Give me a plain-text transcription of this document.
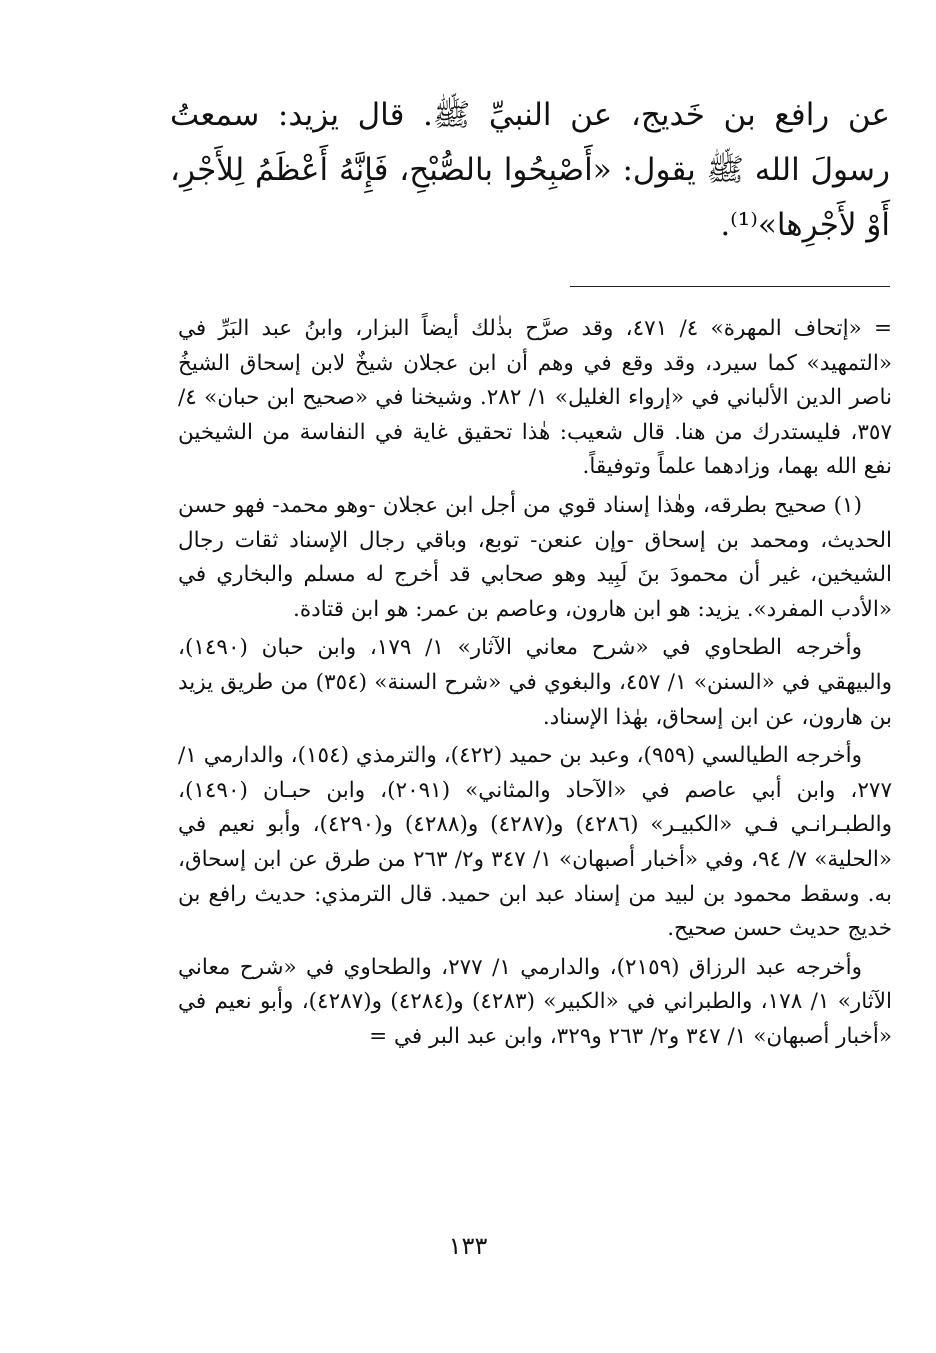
عن رافع بن خَديج، عن النبيِّ ﷺ. قال يزيد: سمعتُ رسولَ الله ﷺ يقول: «أَصْبِحُوا بالصُّبْحِ، فَإِنَّهُ أَعْظَمُ لِلأَجْرِ، أَوْ لأَجْرِها»⁽¹⁾.

= «إتحاف المهرة» ٤/ ٤٧١، وقد صرَّح بذٰلك أيضاً البزار، وابنُ عبد البَرِّ في «التمهيد» كما سيرد، وقد وقع في وهم أن ابن عجلان شيخٌ لابن إسحاق الشيخُ ناصر الدين الألباني في «إرواء الغليل» ١/ ٢٨٢. وشيخنا في «صحيح ابن حبان» ٤/ ٣٥٧، فليستدرك من هنا. قال شعيب: هٰذا تحقيق غاية في النفاسة من الشيخين نفع الله بهما، وزادهما علماً وتوفيقاً.

(١) صحيح بطرقه، وهٰذا إسناد قوي من أجل ابن عجلان -وهو محمد- فهو حسن الحديث، ومحمد بن إسحاق -وإن عنعن- توبع، وباقي رجال الإسناد ثقات رجال الشيخين، غير أن محمودَ بنَ لَبِيد وهو صحابي قد أخرج له مسلم والبخاري في «الأدب المفرد». يزيد: هو ابن هارون، وعاصم بن عمر: هو ابن قتادة.

وأخرجه الطحاوي في «شرح معاني الآثار» ١/ ١٧٩، وابن حبان (١٤٩٠)، والبيهقي في «السنن» ١/ ٤٥٧، والبغوي في «شرح السنة» (٣٥٤) من طريق يزيد بن هارون، عن ابن إسحاق، بهٰذا الإسناد.

وأخرجه الطيالسي (٩٥٩)، وعبد بن حميد (٤٢٢)، والترمذي (١٥٤)، والدارمي ١/ ٢٧٧، وابن أبي عاصم في «الآحاد والمثاني» (٢٠٩١)، وابن حبـان (١٤٩٠)، والطبـرانـي فـي «الكبيـر» (٤٢٨٦) و(٤٢٨٧) و(٤٢٨٨) و(٤٢٩٠)، وأبو نعيم في «الحلية» ٧/ ٩٤، وفي «أخبار أصبهان» ١/ ٣٤٧ و٢/ ٢٦٣ من طرق عن ابن إسحاق، به. وسقط محمود بن لبيد من إسناد عبد ابن حميد. قال الترمذي: حديث رافع بن خديج حديث حسن صحيح.

وأخرجه عبد الرزاق (٢١٥٩)، والدارمي ١/ ٢٧٧، والطحاوي في «شرح معاني الآثار» ١/ ١٧٨، والطبراني في «الكبير» (٤٢٨٣) و(٤٢٨٤) و(٤٢٨٧)، وأبو نعيم في «أخبار أصبهان» ١/ ٣٤٧ و٢/ ٢٦٣ و٣٢٩، وابن عبد البر في =

١٣٣
